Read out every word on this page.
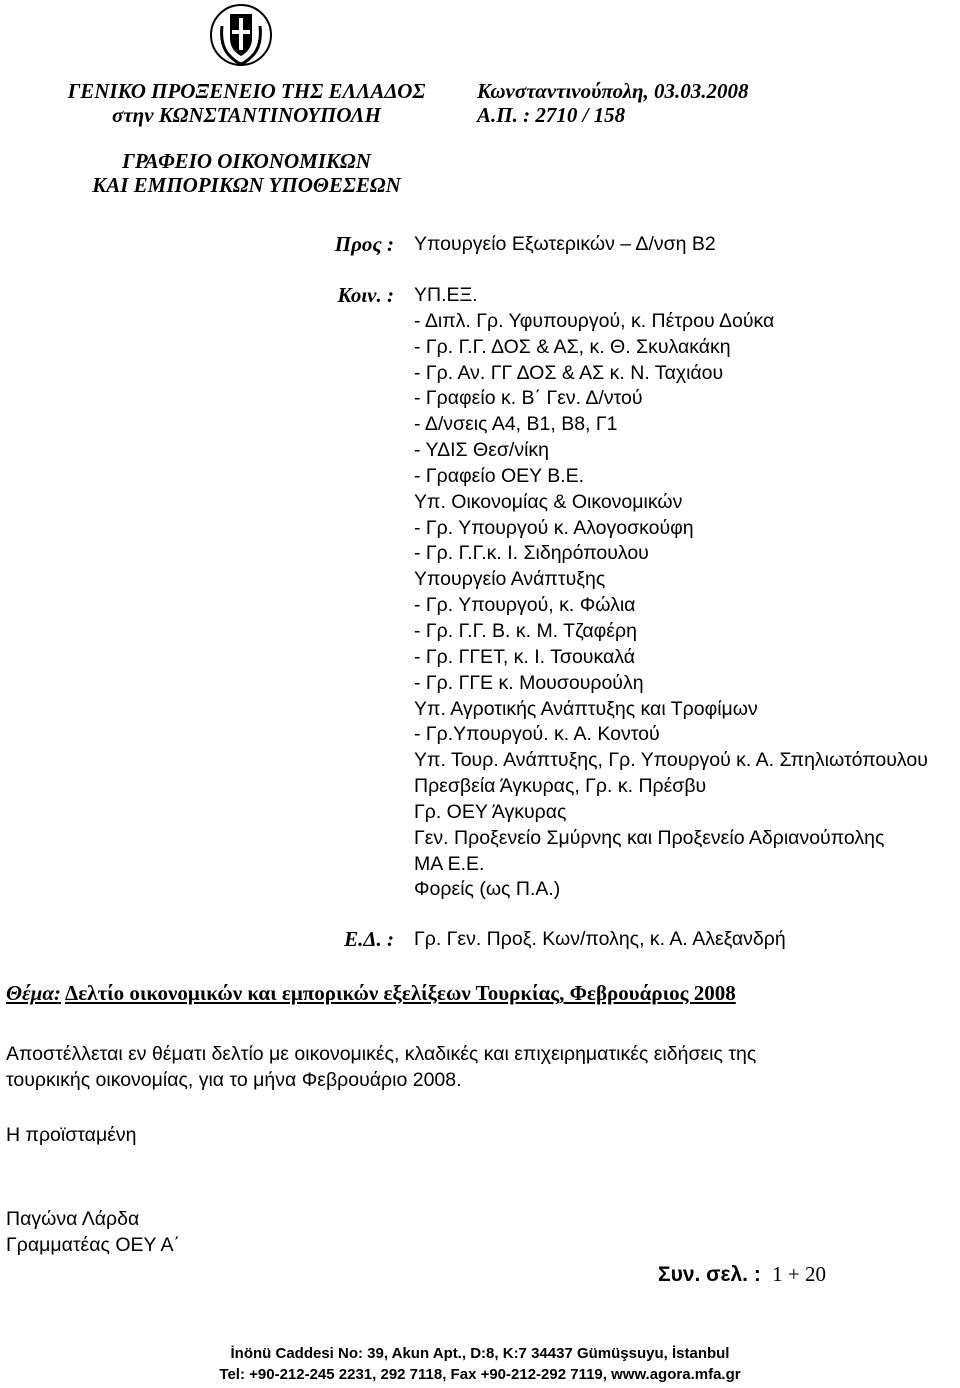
ΓΕΝΙΚΟ ΠΡΟΞΕΝΕΙΟ ΤΗΣ ΕΛΛΑΔΟΣ
στην ΚΩΝΣΤΑΝΤΙΝΟΥΠΟΛΗ
ΓΡΑΦΕΙΟ ΟΙΚΟΝΟΜΙΚΩΝ
ΚΑΙ ΕΜΠΟΡΙΚΩΝ ΥΠΟΘΕΣΕΩΝ
Κωνσταντινούπολη, 03.03.2008
Α.Π. : 2710 / 158
Προς : Υπουργείο Εξωτερικών – Δ/νση Β2
Κοιν. : ΥΠ.ΕΞ.
- Διπλ. Γρ. Υφυπουργού, κ. Πέτρου Δούκα
- Γρ. Γ.Γ. ΔΟΣ & ΑΣ, κ. Θ. Σκυλακάκη
- Γρ. Αν. ΓΓ ΔΟΣ & ΑΣ κ. Ν. Ταχιάου
- Γραφείο κ. Β΄ Γεν. Δ/ντού
- Δ/νσεις Α4, Β1, Β8, Γ1
- ΥΔΙΣ Θεσ/νίκη
- Γραφείο ΟΕΥ Β.Ε.
Υπ. Οικονομίας & Οικονομικών
- Γρ. Υπουργού κ. Αλογοσκούφη
- Γρ. Γ.Γ.κ. Ι. Σιδηρόπουλου
Υπουργείο Ανάπτυξης
- Γρ. Υπουργού, κ. Φώλια
- Γρ. Γ.Γ. Β. κ. Μ. Τζαφέρη
- Γρ. ΓΓΕΤ, κ. Ι. Τσουκαλά
- Γρ. ΓΓΕ κ. Μουσουρούλη
Υπ. Αγροτικής Ανάπτυξης και Τροφίμων
- Γρ.Υπουργού. κ. Α. Κοντού
Υπ. Τουρ. Ανάπτυξης, Γρ. Υπουργού κ. Α. Σπηλιωτόπουλου
Πρεσβεία Άγκυρας, Γρ. κ. Πρέσβυ
Γρ. ΟΕΥ Άγκυρας
Γεν. Προξενείο Σμύρνης και Προξενείο Αδριανούπολης
ΜΑ Ε.Ε.
Φορείς (ως Π.Α.)
Ε.Δ. : Γρ. Γεν. Προξ. Κων/πολης, κ. Α. Αλεξανδρή
Θέμα: Δελτίο οικονομικών και εμπορικών εξελίξεων Τουρκίας, Φεβρουάριος 2008
Αποστέλλεται εν θέματι δελτίο με οικονομικές, κλαδικές και επιχειρηματικές ειδήσεις της
τουρκικής οικονομίας, για το μήνα Φεβρουάριο 2008.
Η προϊσταμένη
Παγώνα Λάρδα
Γραμματέας ΟΕΥ Α΄
Συν. σελ. : 1 + 20
İnönü Caddesi No: 39, Akun Apt., D:8, K:7 34437 Gümüşsuyu, İstanbul
Tel: +90-212-245 2231, 292 7118, Fax +90-212-292 7119, www.agora.mfa.gr
